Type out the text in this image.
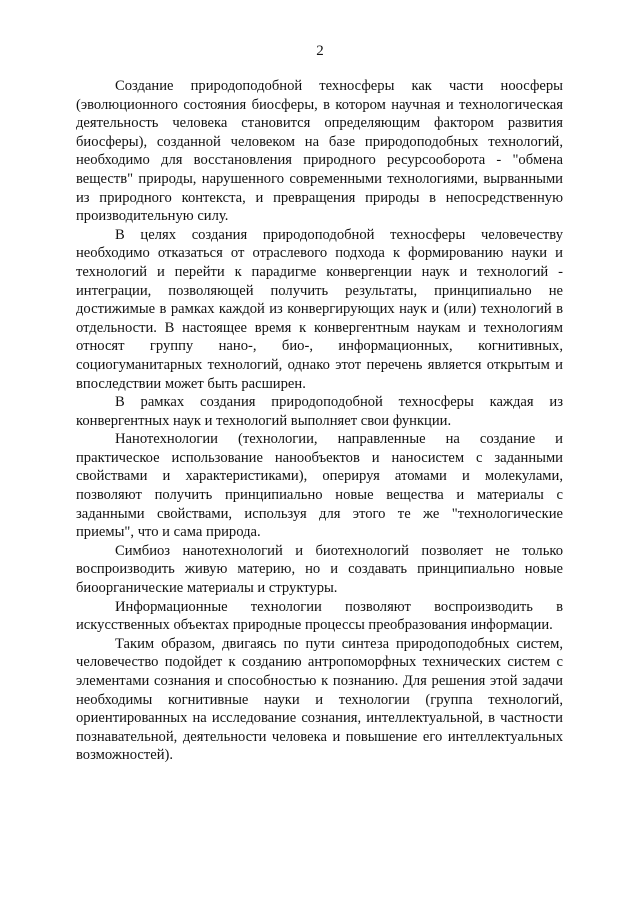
2

Создание природоподобной техносферы как части ноосферы (эволюционного состояния биосферы, в котором научная и технологическая деятельность человека становится определяющим фактором развития биосферы), созданной человеком на базе природоподобных технологий, необходимо для восстановления природного ресурсооборота - "обмена веществ" природы, нарушенного современными технологиями, вырванными из природного контекста, и превращения природы в непосредственную производительную силу.

В целях создания природоподобной техносферы человечеству необходимо отказаться от отраслевого подхода к формированию науки и технологий и перейти к парадигме конвергенции наук и технологий - интеграции, позволяющей получить результаты, принципиально не достижимые в рамках каждой из конвергирующих наук и (или) технологий в отдельности. В настоящее время к конвергентным наукам и технологиям относят группу нано-, био-, информационных, когнитивных, социогуманитарных технологий, однако этот перечень является открытым и впоследствии может быть расширен.

В рамках создания природоподобной техносферы каждая из конвергентных наук и технологий выполняет свои функции.

Нанотехнологии (технологии, направленные на создание и практическое использование нанообъектов и наносистем с заданными свойствами и характеристиками), оперируя атомами и молекулами, позволяют получить принципиально новые вещества и материалы с заданными свойствами, используя для этого те же "технологические приемы", что и сама природа.

Симбиоз нанотехнологий и биотехнологий позволяет не только воспроизводить живую материю, но и создавать принципиально новые биоорганические материалы и структуры.

Информационные технологии позволяют воспроизводить в искусственных объектах природные процессы преобразования информации.

Таким образом, двигаясь по пути синтеза природоподобных систем, человечество подойдет к созданию антропоморфных технических систем с элементами сознания и способностью к познанию. Для решения этой задачи необходимы когнитивные науки и технологии (группа технологий, ориентированных на исследование сознания, интеллектуальной, в частности познавательной, деятельности человека и повышение его интеллектуальных возможностей).
